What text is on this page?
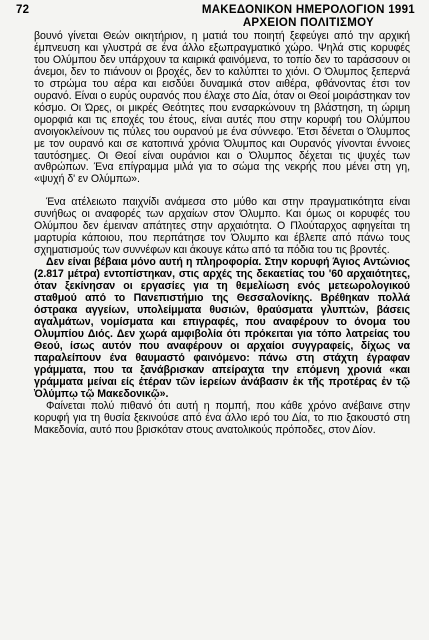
72	ΜΑΚΕΔΟΝΙΚΟΝ ΗΜΕΡΟΛΟΓΙΟΝ 1991
ΑΡΧΕΙΟΝ ΠΟΛΙΤΙΣΜΟΥ

βουνό γίνεται Θεών οικητήριον, η ματιά του ποιητή ξεφεύγει από την αρχική έμπνευση και γλυστρά σε ένα άλλο εξωπραγματικό χώρο. Ψηλά στις κορυφές του Ολύμπου δεν υπάρχουν τα καιρικά φαινόμενα, το τοπίο δεν το ταράσσουν οι άνεμοι, δεν το πιάνουν οι βροχές, δεν το καλύπτει το χιόνι. Ο Όλυμπος ξεπερνά το στρώμα του αέρα και εισδύει δυναμικά στον αιθέρα, φθάνοντας έτσι τον ουρανό. Είναι ο ευρύς ουρανός που έλαχε στο Δία, όταν οι Θεοί μοιράστηκαν τον κόσμο. Οι Ώρες, οι μικρές Θεότητες που ενσαρκώνουν τη βλάστηση, τη ώριμη ομορφιά και τις εποχές του έτους, είναι αυτές που στην κορυφή του Ολύμπου ανοιγοκλείνουν τις πύλες του ουρανού με ένα σύννεφο. Έτσι δένεται ο Όλυμπος με τον ουρανό και σε κατοπινά χρόνια Όλυμπος και Ουρανός γίνονται έννοιες ταυτόσημες. Οι Θεοί είναι ουράνιοι και ο Όλυμπος δέχεται τις ψυχές των ανθρώπων. Ένα επίγραμμα μιλά για το σώμα της νεκρής που μένει στη γη, «ψυχή δ' εν Ολύμπω».

Ένα ατέλειωτο παιχνίδι ανάμεσα στο μύθο και στην πραγματικότητα είναι συνήθως οι αναφορές των αρχαίων στον Όλυμπο. Και όμως οι κορυφές του Ολύμπου δεν έμειναν απάτητες στην αρχαιότητα. Ο Πλούταρχος αφηγείται τη μαρτυρία κάποιου, που περπάτησε τον Όλυμπο και έβλεπε από πάνω τους σχηματισμούς των συννέφων και άκουγε κάτω από τα πόδια του τις βροντές.

Δεν είναι βέβαια μόνο αυτή η πληροφορία. Στην κορυφή Άγιος Αντώνιος (2.817 μέτρα) εντοπίστηκαν, στις αρχές της δεκαετίας του '60 αρχαιότητες, όταν ξεκίνησαν οι εργασίες για τη θεμελίωση ενός μετεωρολογικού σταθμού από το Πανεπιστήμιο της Θεσσαλονίκης. Βρέθηκαν πολλά όστρακα αγγείων, υπολείμματα θυσιών, θραύσματα γλυπτών, βάσεις αγαλμάτων, νομίσματα και επιγραφές, που αναφέρουν το όνομα του Ολυμπίου Διός. Δεν χωρά αμφιβολία ότι πρόκειται για τόπο λατρείας του Θεού, ίσως αυτόν που αναφέρουν οι αρχαίοι συγγραφείς, δίχως να παραλείπουν ένα θαυμαστό φαινόμενο: πάνω στη στάχτη έγραφαν γράμματα, που τα ξανάβρισκαν απείραχτα την επόμενη χρονιά «και γράμματα μείναι είς έτέραν τῶν ἱερείων ἀνάβασιν ἐκ τῆς προτέρας ἐν τῷ Ὀλύμπῳ τῷ Μακεδονικῷ».

Φαίνεται πολύ πιθανό ότι αυτή η πομπή, που κάθε χρόνο ανέβαινε στην κορυφή για τη θυσία ξεκινούσε από ένα άλλο ιερό του Δία, το πιο ξακουστό στη Μακεδονία, αυτό που βρισκόταν στους ανατολικούς πρόποδες, στον Δίον.
